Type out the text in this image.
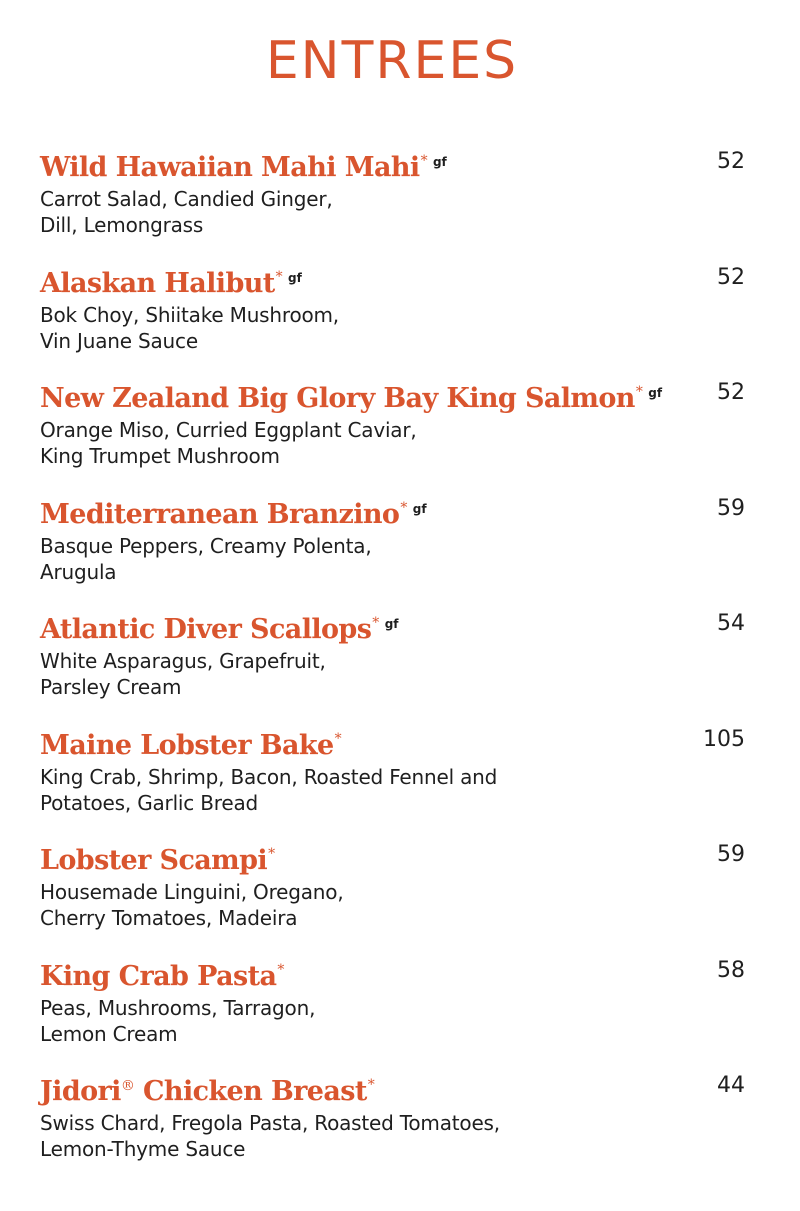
ENTREES
Wild Hawaiian Mahi Mahi* $^{gf}$

Carrot Salad, Candied Ginger,

Dill, Lemongrass

52
Alaskan Halibut* $^{gf}$

Bok Choy, Shiitake Mushroom,

Vin Juane Sauce

52
New Zealand Big Glory Bay King Salmon* $^{gf}$

Orange Miso, Curried Eggplant Caviar,

King Trumpet Mushroom

52
Mediterranean Branzino* $^{gf}$

Basque Peppers, Creamy Polenta,

Arugula

59
Atlantic Diver Scallops* $^{gf}$

White Asparagus, Grapefruit,

Parsley Cream

54
Maine Lobster Bake*

King Crab, Shrimp, Bacon, Roasted Fennel and

Potatoes, Garlic Bread

105
Lobster Scampi*

Housemade Linguini, Oregano,

Cherry Tomatoes, Madeira

59
King Crab Pasta*

Peas, Mushrooms, Tarragon,

Lemon Cream

58
Jidori® Chicken Breast*

Swiss Chard, Fregola Pasta, Roasted Tomatoes,

Lemon-Thyme Sauce

44
